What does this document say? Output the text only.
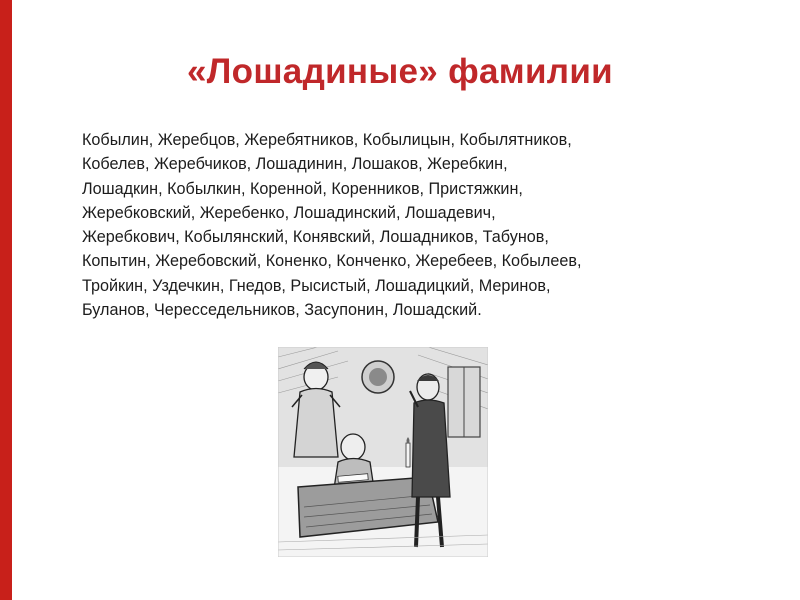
«Лошадиные» фамилии
Кобылин, Жеребцов, Жеребятников, Кобылицын, Кобылятников,
Кобелев, Жеребчиков, Лошадинин, Лошаков, Жеребкин,
Лошадкин, Кобылкин, Коренной, Коренников, Пристяжкин,
Жеребковский, Жеребенко, Лошадинский, Лошадевич,
Жеребкович, Кобылянский, Конявский, Лошадников, Табунов,
Копытин, Жеребовский, Коненко, Конченко, Жеребеев, Кобылеев,
Тройкин, Уздечкин, Гнедов, Рысистый, Лошадицкий, Меринов,
Буланов, Чересседельников, Засупонин, Лошадский.
